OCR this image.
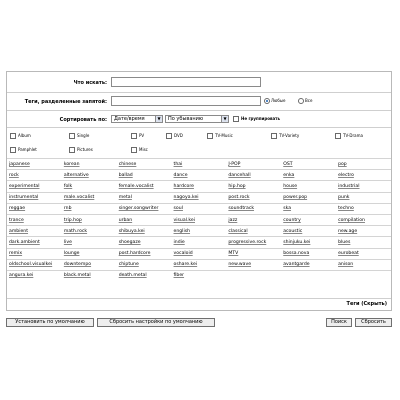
Что искать:
Теги, разделенные запятой:	Любые	Все
Сортировать по:	Дате/время	▼	По убыванию	▼	Не группировать
Album	Single	PV	DVD	TV-Music	TV-Variety	TV-Drama
Pamphlet	Pictures	Misc
japanese	korean	chinese	thai	J-POP	OST	pop
rock	alternative	ballad	dance	dancehall	enka	electro
experimental	folk	female.vocalist	hardcore	hip.hop	house	industrial
instrumental	male.vocalist	metal	nagoya.kei	post.rock	power.pop	punk
reggae	rnb	singer.songwriter	soul	soundtrack	ska	techno
trance	trip.hop	urban	visual.kei	jazz	country	compilation
ambient	math.rock	shibuya.kei	english	classical	acoustic	new.age
dark.ambient	live	shoegaze	indie	progressive.rock	shinjuku.kei	blues
remix	lounge	post.hardcore	vocaloid	MTV	bossa.nova	eurobeat
oldschool.visualkei	downtempo	chiptune	oshare.kei	new.wave	avantgarde	anison
angura.kei	black.metal	death.metal	fiber			
Теги (Скрыть)
Установить по умолчанию	Сбросить настройки по умолчанию	Поиск	Сбросить
